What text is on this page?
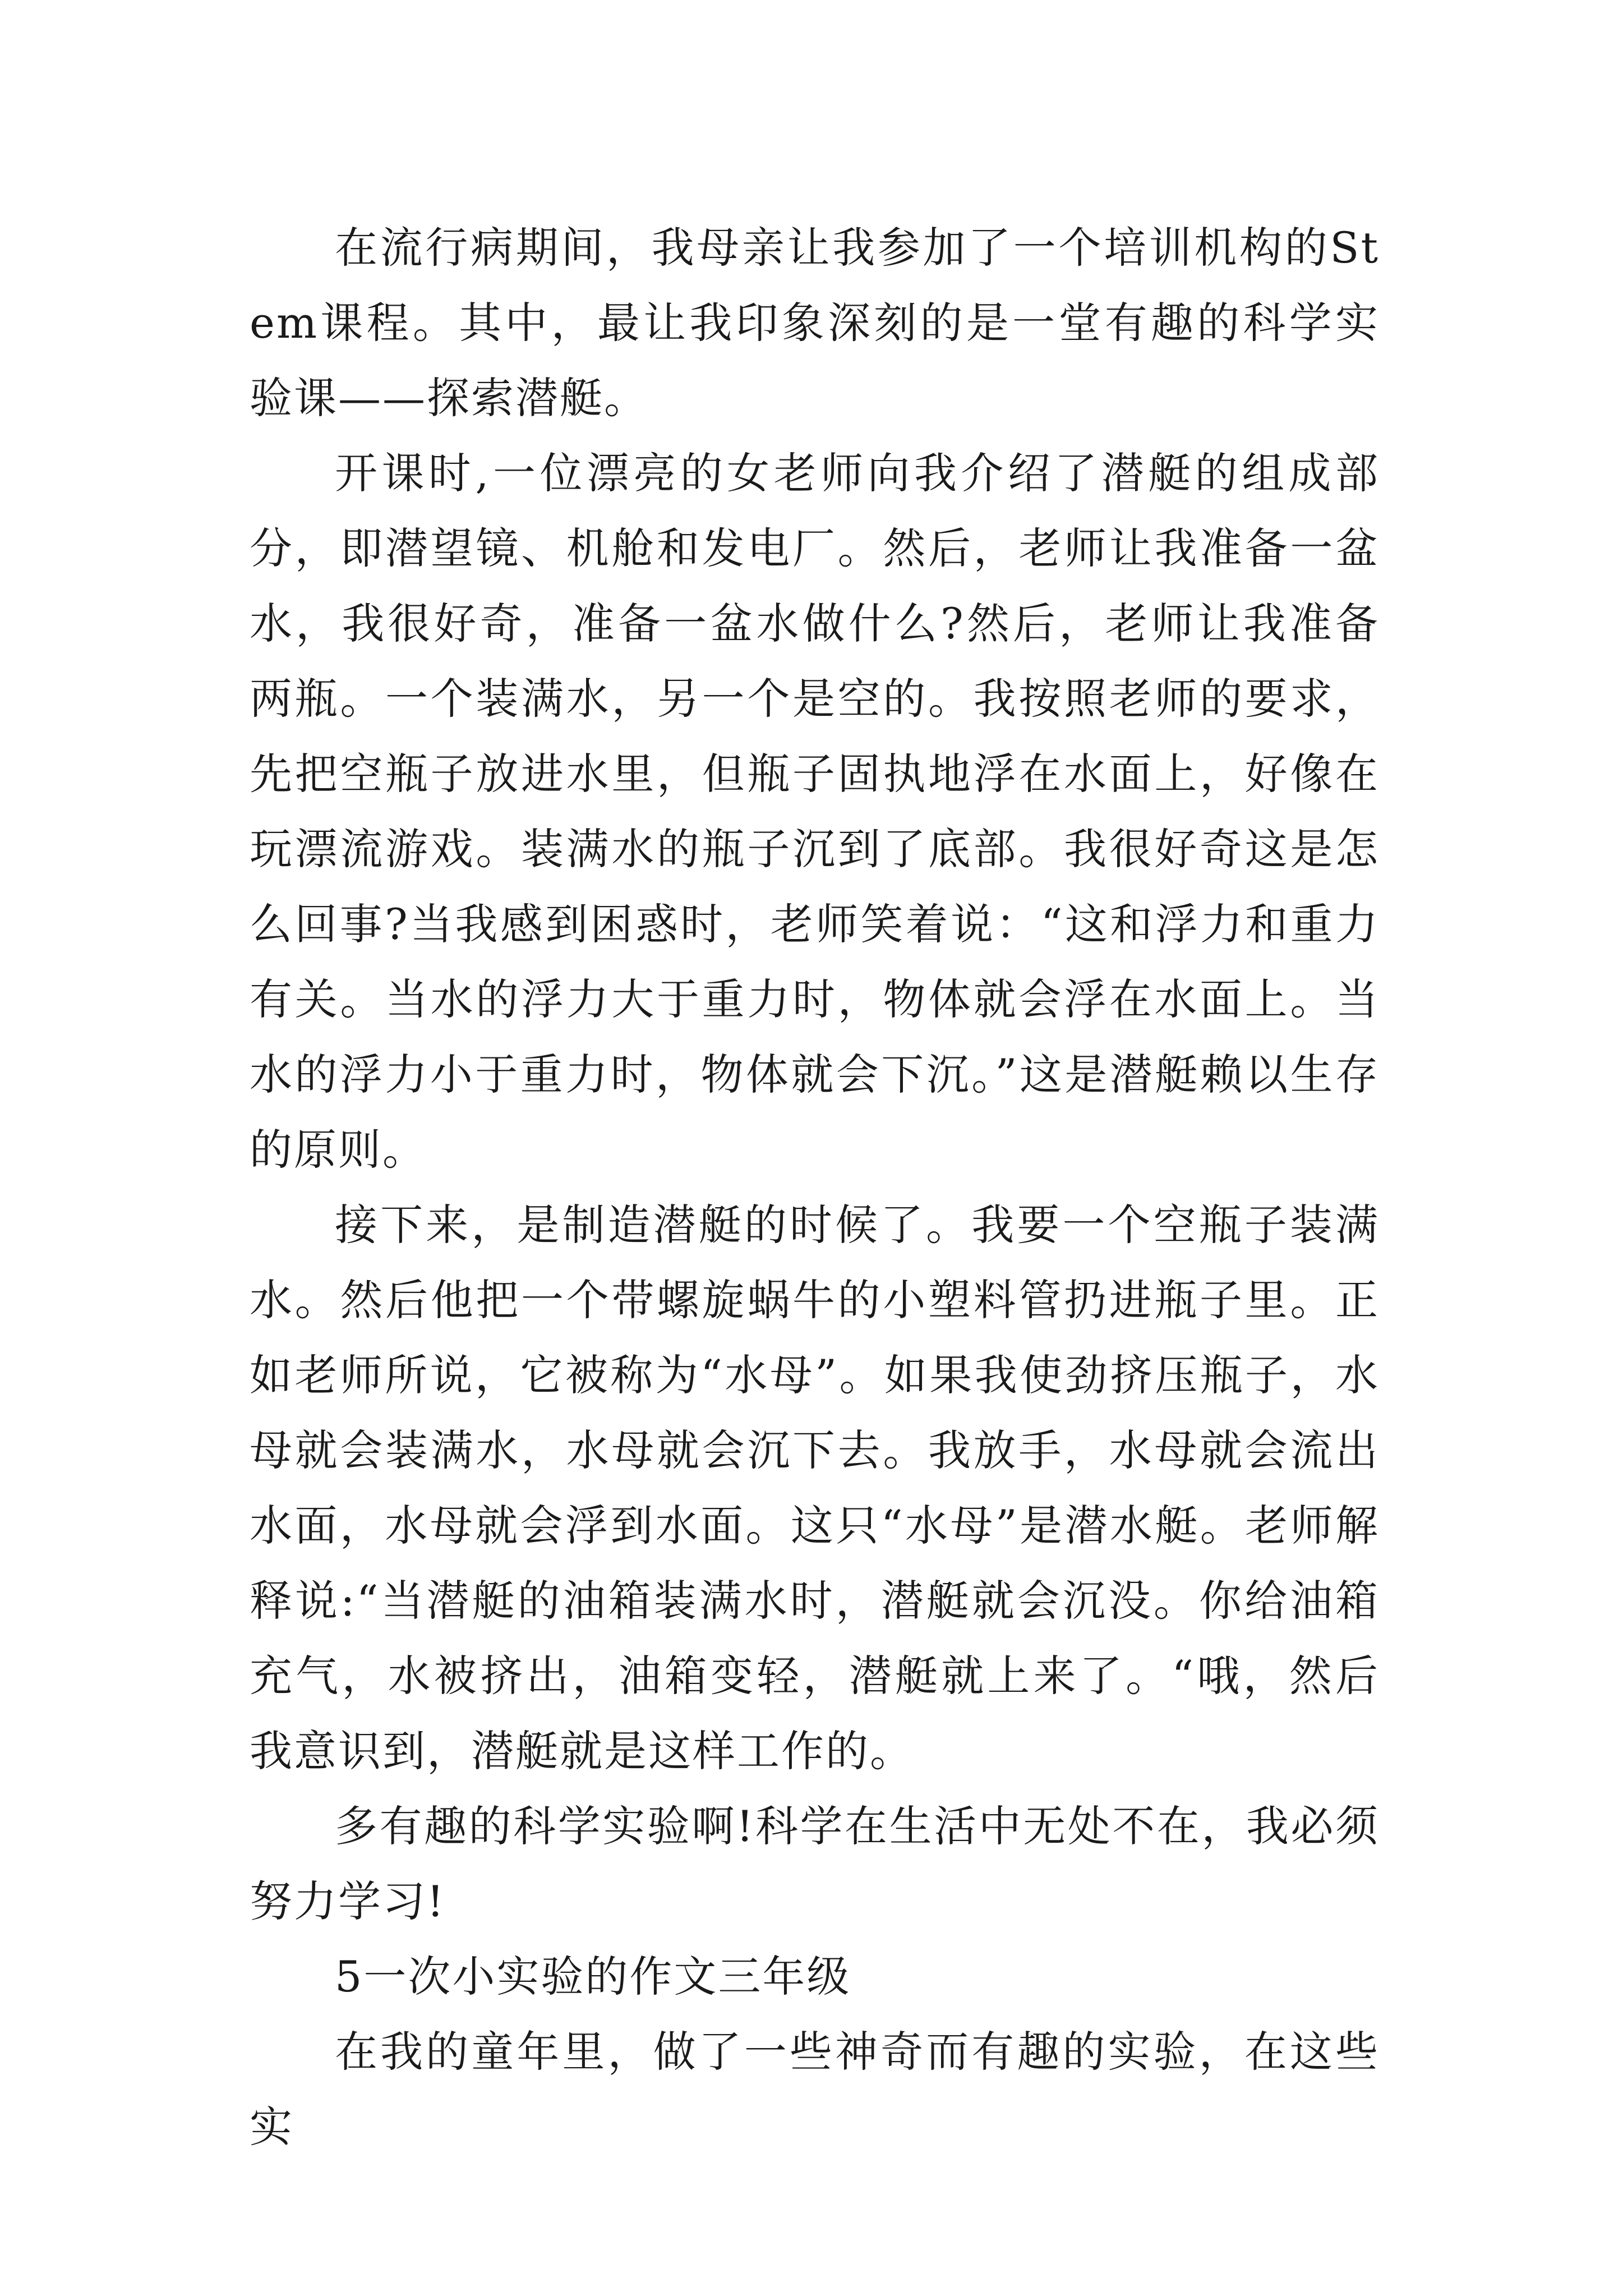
在流行病期间，我母亲让我参加了一个培训机构的Stem课程。其中，最让我印象深刻的是一堂有趣的科学实验课——探索潜艇。

开课时,一位漂亮的女老师向我介绍了潜艇的组成部分，即潜望镜、机舱和发电厂。然后，老师让我准备一盆水，我很好奇，准备一盆水做什么?然后，老师让我准备两瓶。一个装满水，另一个是空的。我按照老师的要求，先把空瓶子放进水里，但瓶子固执地浮在水面上，好像在玩漂流游戏。装满水的瓶子沉到了底部。我很好奇这是怎么回事?当我感到困惑时，老师笑着说：“这和浮力和重力有关。当水的浮力大于重力时，物体就会浮在水面上。当水的浮力小于重力时，物体就会下沉。”这是潜艇赖以生存的原则。

接下来，是制造潜艇的时候了。我要一个空瓶子装满水。然后他把一个带螺旋蜗牛的小塑料管扔进瓶子里。正如老师所说，它被称为“水母”。如果我使劲挤压瓶子，水母就会装满水，水母就会沉下去。我放手，水母就会流出水面，水母就会浮到水面。这只“水母”是潜水艇。老师解释说:“当潜艇的油箱装满水时，潜艇就会沉没。你给油箱充气，水被挤出，油箱变轻，潜艇就上来了。“哦，然后我意识到，潜艇就是这样工作的。

多有趣的科学实验啊!科学在生活中无处不在，我必须努力学习!

5一次小实验的作文三年级

在我的童年里，做了一些神奇而有趣的实验，在这些实
